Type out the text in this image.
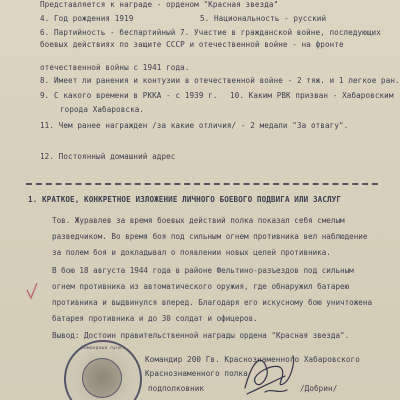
Представляется к награде - орденом "Красная звезда"
4. Год рождения 1919	5. Национальность - русский
6. Партийность - беспартийный 7. Участие в гражданской войне, последующих
боевых действиях по защите СССР и отечественной войне - на фронте
отечественной войны с 1941 года.
8. Имеет ли ранения и контузии в отечественной войне - 2 тяж. и 1 легкое ран.
9. С какого времени в РККА - с 1939 г. 10. Каким РВК призван - Хабаровским
города Хабаровска.
11. Чем ранее награжден /за какие отличия/ - 2 медали "За отвагу".
12. Постоянный домашний адрес
1. КРАТКОЕ, КОНКРЕТНОЕ ИЗЛОЖЕНИЕ ЛИЧНОГО БОЕВОГО ПОДВИГА ИЛИ ЗАСЛУГ
Тов. Журавлев за время боевых действий полка показал себя смелым
разведчиком. Во время боя под сильным огнем противника вел наблюдение
за полем боя и докладывал о появлении новых целей противника.
В бою 18 августа 1944 года в районе Фельтино-разъездов под сильным
огнем противника из автоматического оружия, где обнаружил батарею
противника и выдвинулся вперед. Благодаря его искусному бою уничтожена
батарея противника и до 30 солдат и офицеров.
Вывод: Достоин правительственной награды ордена "Красная звезда".
Командный пункт
Командир 200 Гв. Краснознаменного Хабаровского
Краснознаменного полка
подполковник	/Добрин/
